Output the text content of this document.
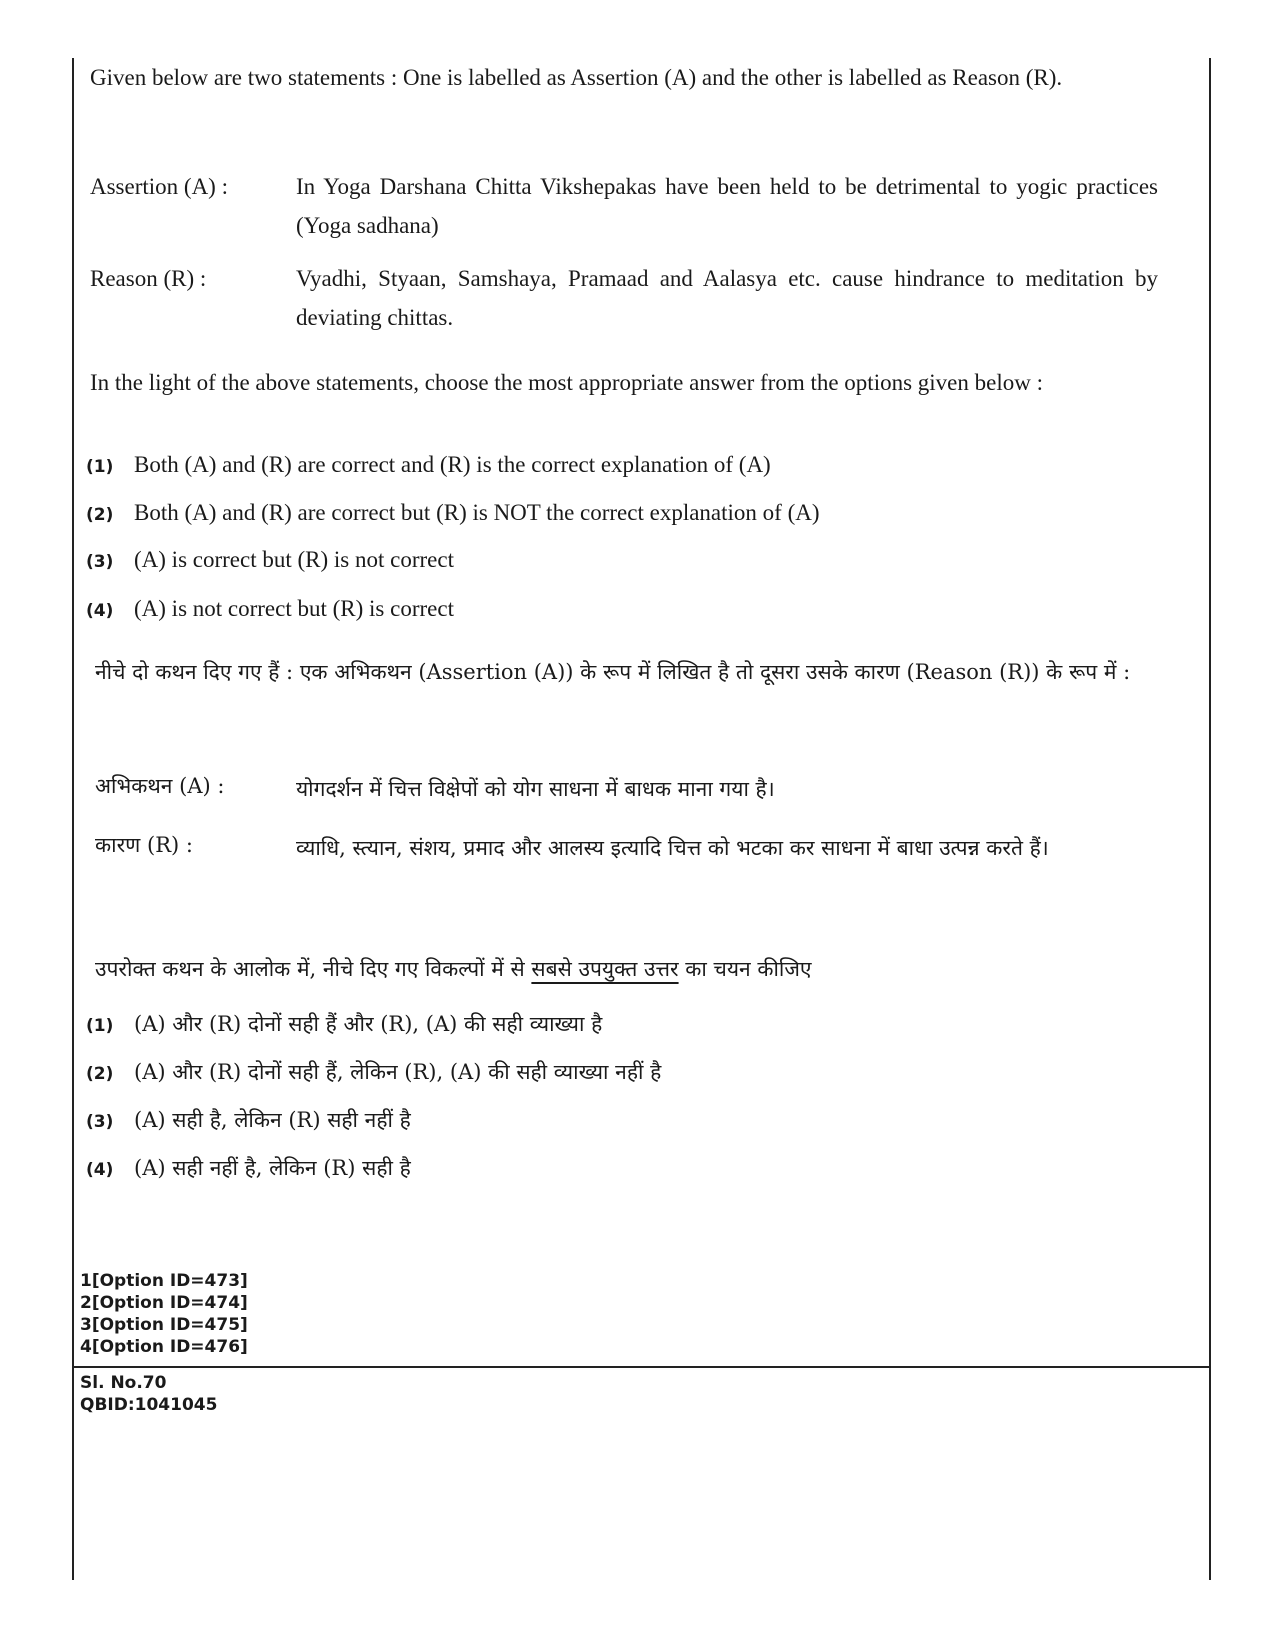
Given below are two statements : One is labelled as Assertion (A) and the other is labelled as Reason (R).
Assertion (A) :	In Yoga Darshana Chitta Vikshepakas have been held to be detrimental to yogic practices (Yoga sadhana)
Reason (R) :	Vyadhi, Styaan, Samshaya, Pramaad and Aalasya etc. cause hindrance to meditation by deviating chittas.
In the light of the above statements, choose the most appropriate answer from the options given below :
(1) Both (A) and (R) are correct and (R) is the correct explanation of (A)
(2) Both (A) and (R) are correct but (R) is NOT the correct explanation of (A)
(3) (A) is correct but (R) is not correct
(4) (A) is not correct but (R) is correct
नीचे दो कथन दिए गए हैं : एक अभिकथन (Assertion (A)) के रूप में लिखित है तो दूसरा उसके कारण (Reason (R)) के रूप में :
अभिकथन (A) :	योगदर्शन में चित्त विक्षेपों को योग साधना में बाधक माना गया है।
कारण (R) :	व्याधि, स्त्यान, संशय, प्रमाद और आलस्य इत्यादि चित्त को भटका कर साधना में बाधा उत्पन्न करते हैं।
उपरोक्त कथन के आलोक में, नीचे दिए गए विकल्पों में से सबसे उपयुक्त उत्तर का चयन कीजिए
(1) (A) और (R) दोनों सही हैं और (R), (A) की सही व्याख्या है
(2) (A) और (R) दोनों सही हैं, लेकिन (R), (A) की सही व्याख्या नहीं है
(3) (A) सही है, लेकिन (R) सही नहीं है
(4) (A) सही नहीं है, लेकिन (R) सही है
1[Option ID=473]
2[Option ID=474]
3[Option ID=475]
4[Option ID=476]
Sl. No.70
QBID:1041045
